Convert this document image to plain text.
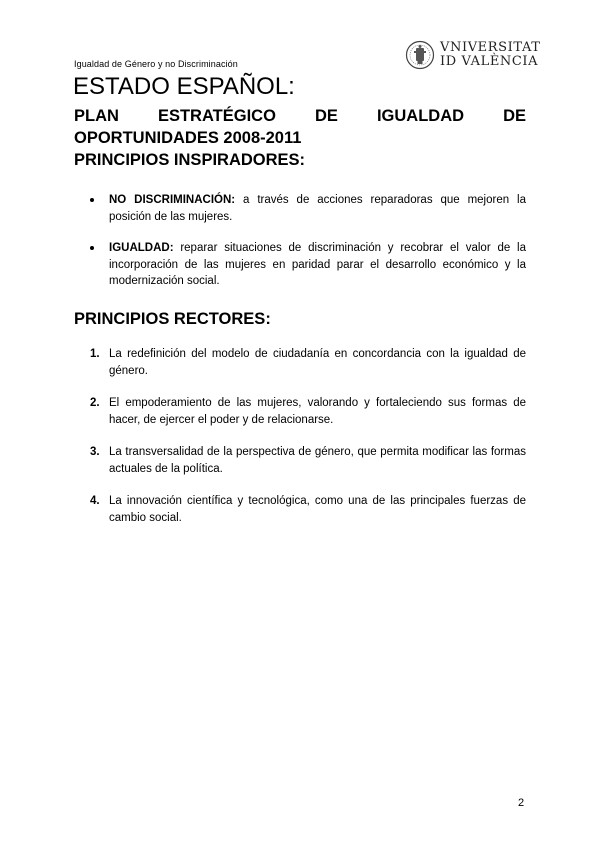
Igualdad de Género y no Discriminación
VNIVERSITAT
ID VALÈNCIA
ESTADO ESPAÑOL:
PLAN ESTRATÉGICO DE IGUALDAD DE
OPORTUNIDADES 2008-2011
PRINCIPIOS INSPIRADORES:
NO DISCRIMINACIÓN: a través de acciones reparadoras que mejoren la posición de las mujeres.
IGUALDAD: reparar situaciones de discriminación y recobrar el valor de la incorporación de las mujeres en paridad parar el desarrollo económico y la modernización social.
PRINCIPIOS RECTORES:
1. La redefinición del modelo de ciudadanía en concordancia con la igualdad de género.
2. El empoderamiento de las mujeres, valorando y fortaleciendo sus formas de hacer, de ejercer el poder y de relacionarse.
3. La transversalidad de la perspectiva de género, que permita modificar las formas actuales de la política.
4. La innovación científica y tecnológica, como una de las principales fuerzas de cambio social.
2
